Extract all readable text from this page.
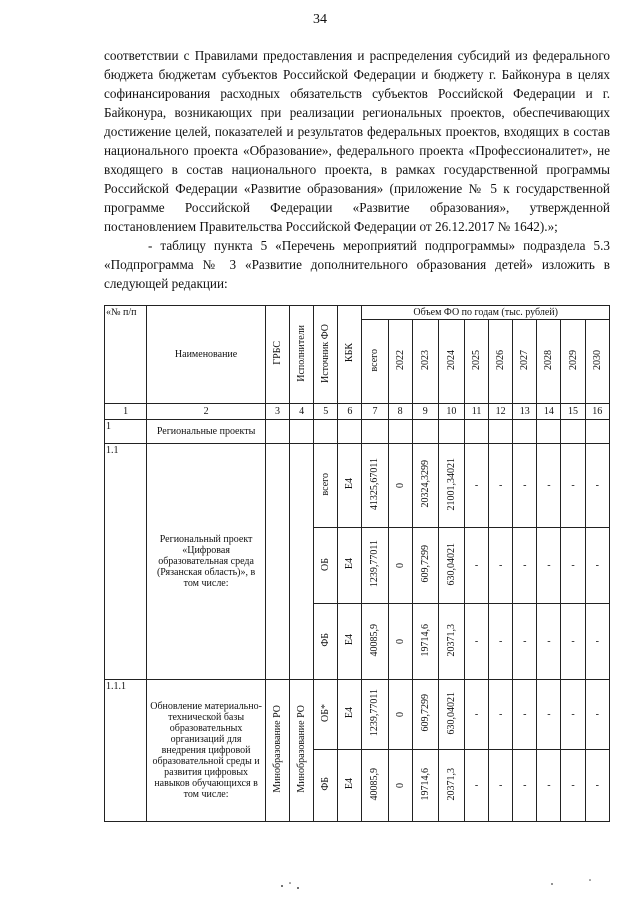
34

соответствии с Правилами предоставления и распределения субсидий из федерального бюджета бюджетам субъектов Российской Федерации и бюджету г. Байконура в целях софинансирования расходных обязательств субъектов Российской Федерации и г. Байконура, возникающих при реализации региональных проектов, обеспечивающих достижение целей, показателей и результатов федеральных проектов, входящих в состав национального проекта «Образование», федерального проекта «Профессионалитет», не входящего в состав национального проекта, в рамках государственной программы Российской Федерации «Развитие образования» (приложение № 5 к государственной программе Российской Федерации «Развитие образования», утвержденной постановлением Правительства Российской Федерации от 26.12.2017 № 1642).»;

- таблицу пункта 5 «Перечень мероприятий подпрограммы» подраздела 5.3 «Подпрограмма № 3 «Развитие дополнительного образования детей» изложить в следующей редакции:

«№ п/п	Наименование	ГРБС	Исполнители	Источник ФО	КБК	Объем ФО по годам (тыс. рублей)									
						всего	2022	2023	2024	2025	2026	2027	2028	2029	2030
1	2	3	4	5	6	7	8	9	10	11	12	13	14	15	16
1	Региональные проекты														
1.1	Региональный проект «Цифровая образовательная среда (Рязанская область)», в том числе:			всего	Е4	41325,67011	0	20324,3299	21001,34021	-	-	-	-	-	-
				ОБ	Е4	1239,77011	0	609,7299	630,04021	-	-	-	-	-	-
				ФБ	Е4	40085,9	0	19714,6	20371,3	-	-	-	-	-	-
1.1.1	Обновление материально-технической базы образовательных организаций для внедрения цифровой образовательной среды и развития цифровых навыков обучающихся в том числе:	Минобразование РО	Минобразование РО	ОБ*	Е4	1239,77011	0	609,7299	630,04021	-	-	-	-	-	-
				ФБ	Е4	40085,9	0	19714,6	20371,3	-	-	-	-	-	-
